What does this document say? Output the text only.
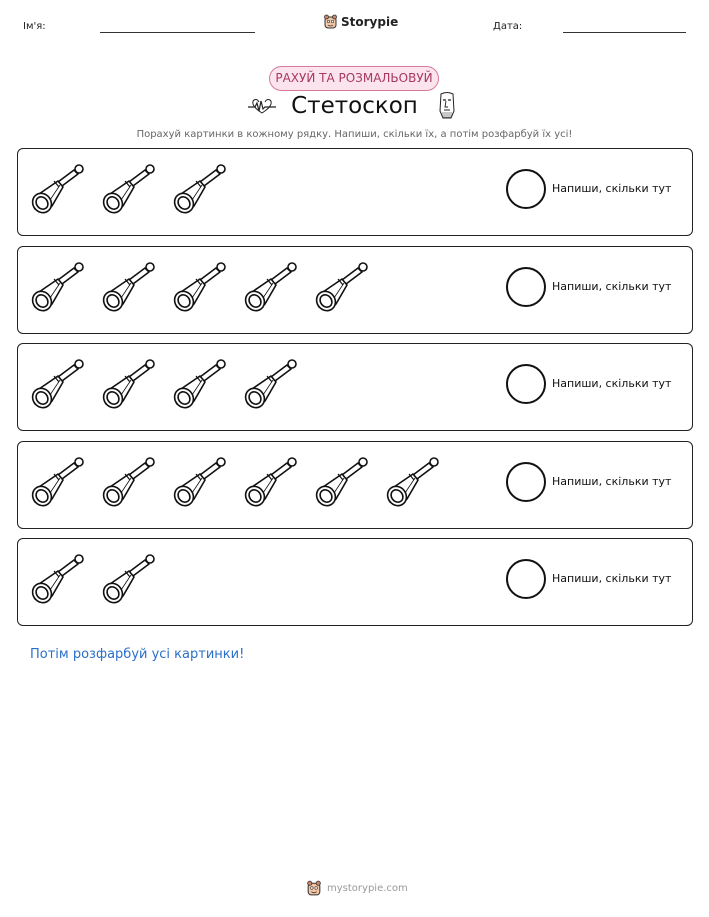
Ім'я:	Storypie	Дата:
РАХУЙ ТА РОЗМАЛЬОВУЙ
Стетоскоп
Порахуй картинки в кожному рядку. Напиши, скільки їх, а потім розфарбуй їх усі!
Напиши, скільки тут
Напиши, скільки тут
Напиши, скільки тут
Напиши, скільки тут
Напиши, скільки тут
Потім розфарбуй усі картинки!
mystorypie.com
